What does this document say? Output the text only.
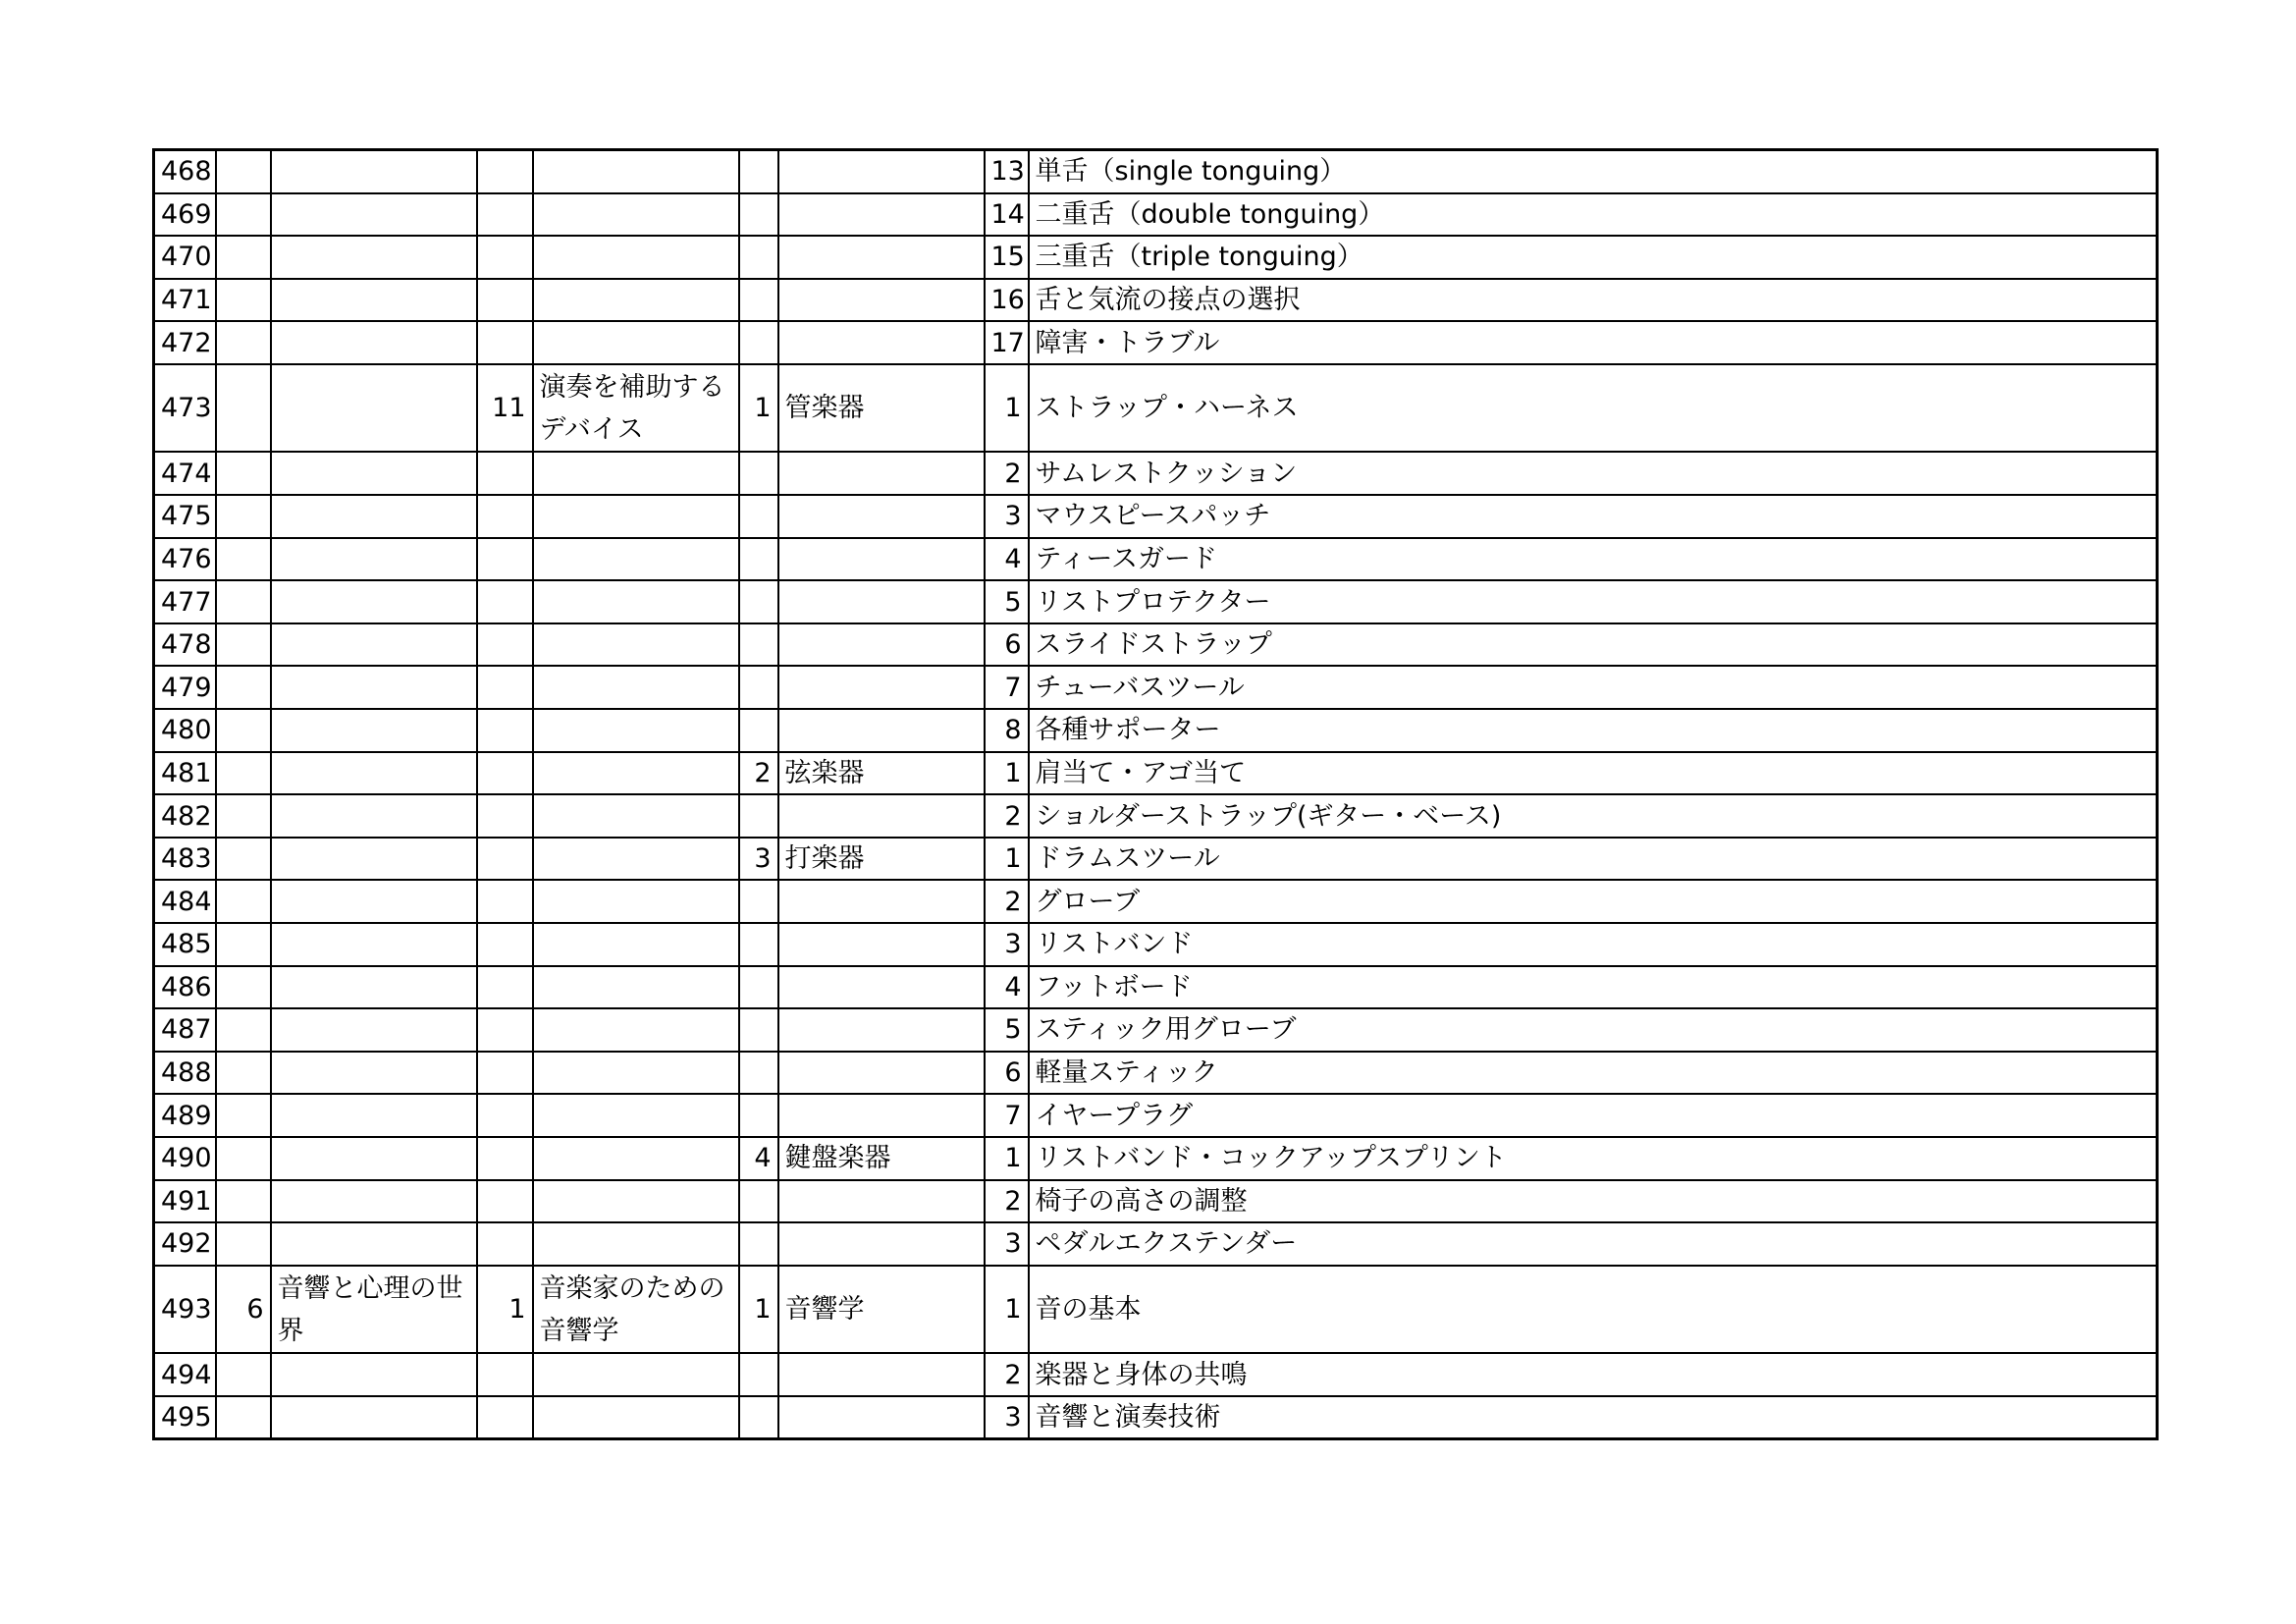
468							13	単舌（single tonguing）
469							14	二重舌（double tonguing）
470							15	三重舌（triple tonguing）
471							16	舌と気流の接点の選択
472							17	障害・トラブル
473			11	演奏を補助するデバイス	1	管楽器	1	ストラップ・ハーネス
474							2	サムレストクッション
475							3	マウスピースパッチ
476							4	ティースガード
477							5	リストプロテクター
478							6	スライドストラップ
479							7	チューバスツール
480							8	各種サポーター
481					2	弦楽器	1	肩当て・アゴ当て
482							2	ショルダーストラップ(ギター・ベース)
483					3	打楽器	1	ドラムスツール
484							2	グローブ
485							3	リストバンド
486							4	フットボード
487							5	スティック用グローブ
488							6	軽量スティック
489							7	イヤープラグ
490					4	鍵盤楽器	1	リストバンド・コックアップスプリント
491							2	椅子の高さの調整
492							3	ペダルエクステンダー
493	6	音響と心理の世界	1	音楽家のための音響学	1	音響学	1	音の基本
494							2	楽器と身体の共鳴
495							3	音響と演奏技術
